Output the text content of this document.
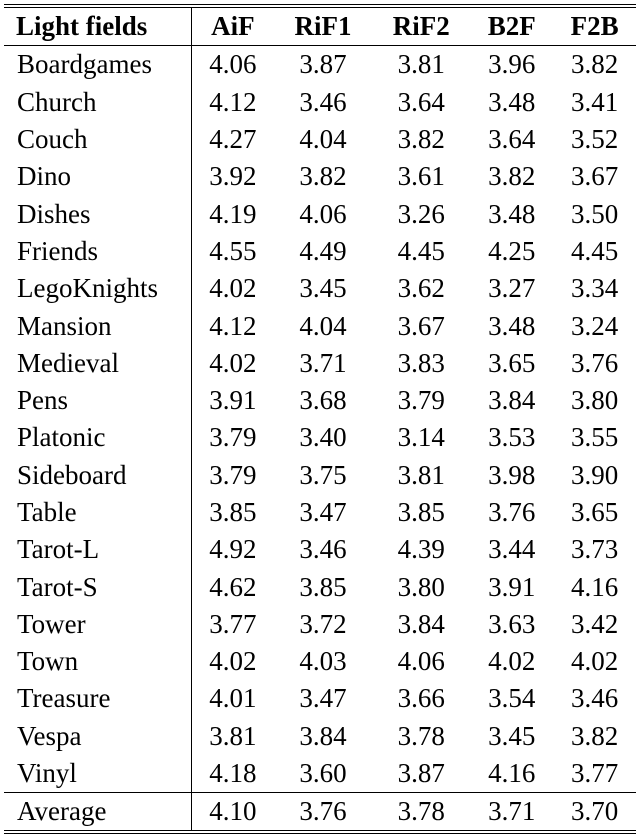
Light fields	AiF	RiF1	RiF2	B2F	F2B
Boardgames	4.06	3.87	3.81	3.96	3.82
Church	4.12	3.46	3.64	3.48	3.41
Couch	4.27	4.04	3.82	3.64	3.52
Dino	3.92	3.82	3.61	3.82	3.67
Dishes	4.19	4.06	3.26	3.48	3.50
Friends	4.55	4.49	4.45	4.25	4.45
LegoKnights	4.02	3.45	3.62	3.27	3.34
Mansion	4.12	4.04	3.67	3.48	3.24
Medieval	4.02	3.71	3.83	3.65	3.76
Pens	3.91	3.68	3.79	3.84	3.80
Platonic	3.79	3.40	3.14	3.53	3.55
Sideboard	3.79	3.75	3.81	3.98	3.90
Table	3.85	3.47	3.85	3.76	3.65
Tarot-L	4.92	3.46	4.39	3.44	3.73
Tarot-S	4.62	3.85	3.80	3.91	4.16
Tower	3.77	3.72	3.84	3.63	3.42
Town	4.02	4.03	4.06	4.02	4.02
Treasure	4.01	3.47	3.66	3.54	3.46
Vespa	3.81	3.84	3.78	3.45	3.82
Vinyl	4.18	3.60	3.87	4.16	3.77
Average	4.10	3.76	3.78	3.71	3.70
